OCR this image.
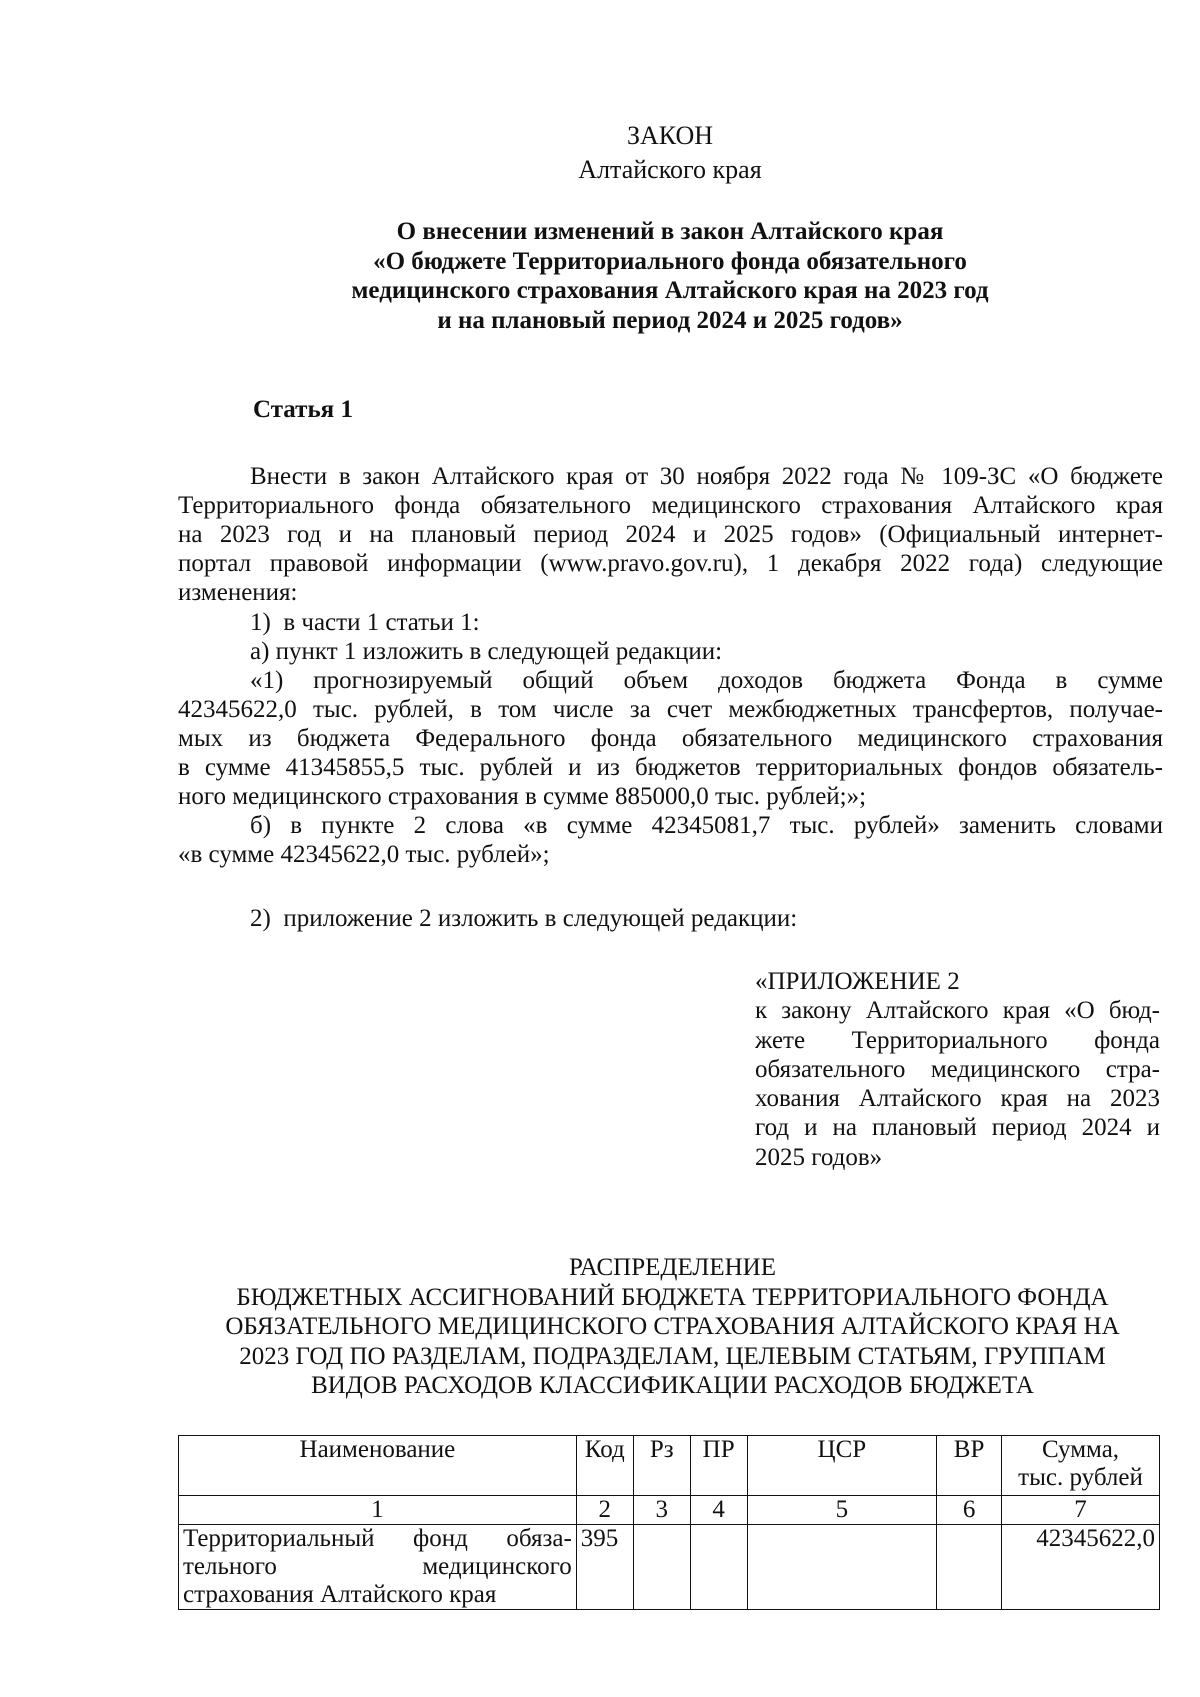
ЗАКОН
Алтайского края
О внесении изменений в закон Алтайского края
«О бюджете Территориального фонда обязательного
медицинского страхования Алтайского края на 2023 год
и на плановый период 2024 и 2025 годов»
Статья 1
Внести в закон Алтайского края от 30 ноября 2022 года № 109-ЗС «О бюджете
Территориального фонда обязательного медицинского страхования Алтайского края
на 2023 год и на плановый период 2024 и 2025 годов» (Официальный интернет-
портал правовой информации (www.pravo.gov.ru), 1 декабря 2022 года) следующие
изменения:
1) в части 1 статьи 1:
а) пункт 1 изложить в следующей редакции:
«1) прогнозируемый общий объем доходов бюджета Фонда в сумме
42345622,0 тыс. рублей, в том числе за счет межбюджетных трансфертов, получае-
мых из бюджета Федерального фонда обязательного медицинского страхования
в сумме 41345855,5 тыс. рублей и из бюджетов территориальных фондов обязатель-
ного медицинского страхования в сумме 885000,0 тыс. рублей;»;
б) в пункте 2 слова «в сумме 42345081,7 тыс. рублей» заменить словами
«в сумме 42345622,0 тыс. рублей»;
2) приложение 2 изложить в следующей редакции:
«ПРИЛОЖЕНИЕ 2
к закону Алтайского края «О бюд-
жете Территориального фонда
обязательного медицинского стра-
хования Алтайского края на 2023
год и на плановый период 2024 и
2025 годов»
РАСПРЕДЕЛЕНИЕ
БЮДЖЕТНЫХ АССИГНОВАНИЙ БЮДЖЕТА ТЕРРИТОРИАЛЬНОГО ФОНДА
ОБЯЗАТЕЛЬНОГО МЕДИЦИНСКОГО СТРАХОВАНИЯ АЛТАЙСКОГО КРАЯ НА
2023 ГОД ПО РАЗДЕЛАМ, ПОДРАЗДЕЛАМ, ЦЕЛЕВЫМ СТАТЬЯМ, ГРУППАМ
ВИДОВ РАСХОДОВ КЛАССИФИКАЦИИ РАСХОДОВ БЮДЖЕТА
Наименование	Код	Рз	ПР	ЦСР	ВР	Сумма,
тыс. рублей

1	2	3	4	5	6	7

Территориальный фонд обяза-
тельного медицинского
страхования Алтайского края	395					42345622,0
